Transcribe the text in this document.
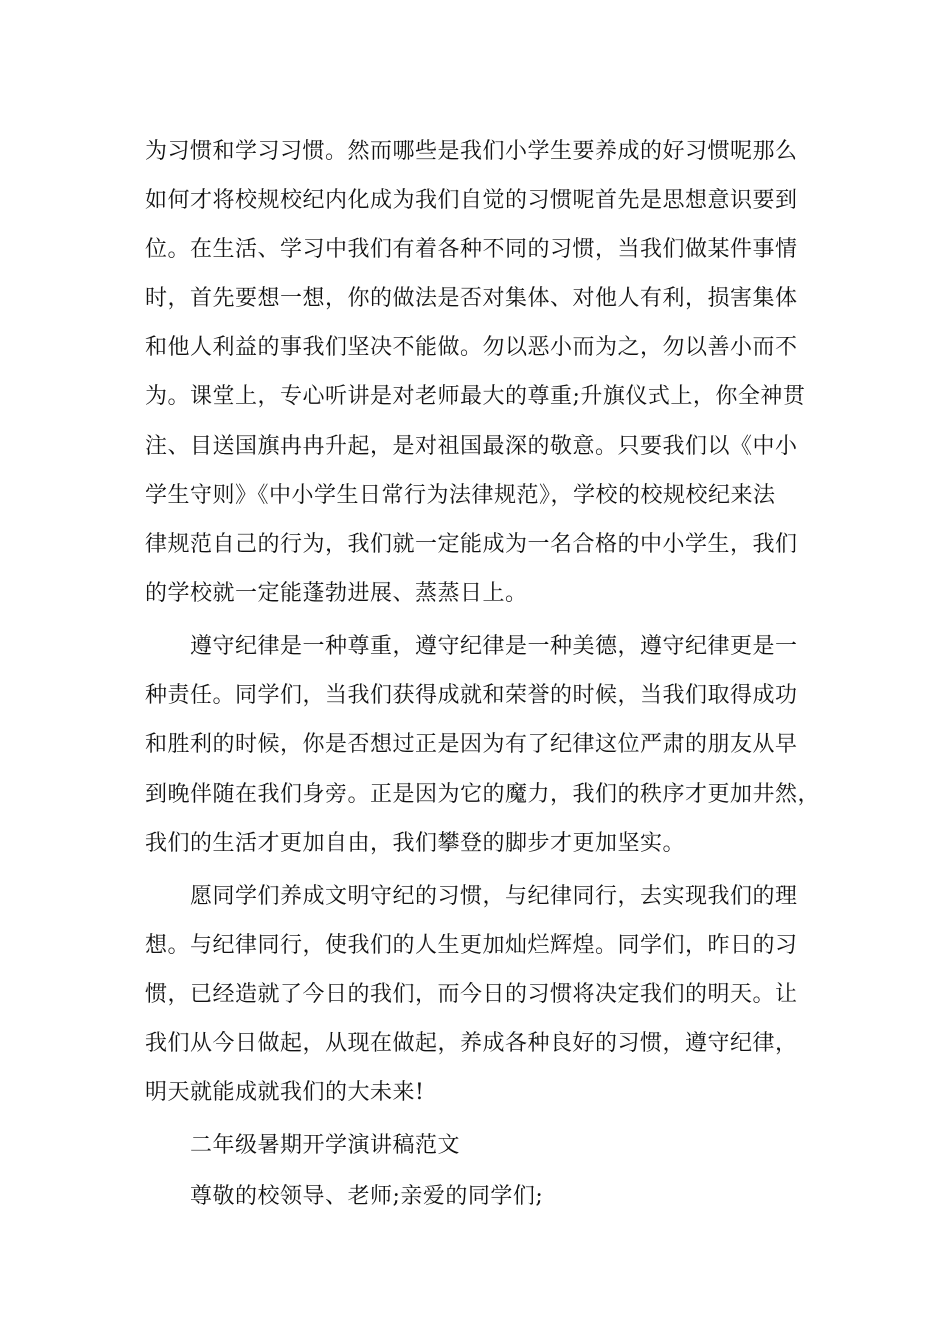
为习惯和学习习惯。然而哪些是我们小学生要养成的好习惯呢那么
如何才将校规校纪内化成为我们自觉的习惯呢首先是思想意识要到
位。在生活、学习中我们有着各种不同的习惯，当我们做某件事情
时，首先要想一想，你的做法是否对集体、对他人有利，损害集体
和他人利益的事我们坚决不能做。勿以恶小而为之，勿以善小而不
为。课堂上，专心听讲是对老师最大的尊重;升旗仪式上，你全神贯
注、目送国旗冉冉升起，是对祖国最深的敬意。只要我们以《中小
学生守则》《中小学生日常行为法律规范》，学校的校规校纪来法
律规范自己的行为，我们就一定能成为一名合格的中小学生，我们
的学校就一定能蓬勃进展、蒸蒸日上。
遵守纪律是一种尊重，遵守纪律是一种美德，遵守纪律更是一
种责任。同学们，当我们获得成就和荣誉的时候，当我们取得成功
和胜利的时候，你是否想过正是因为有了纪律这位严肃的朋友从早
到晚伴随在我们身旁。正是因为它的魔力，我们的秩序才更加井然，
我们的生活才更加自由，我们攀登的脚步才更加坚实。
愿同学们养成文明守纪的习惯，与纪律同行，去实现我们的理
想。与纪律同行，使我们的人生更加灿烂辉煌。同学们，昨日的习
惯，已经造就了今日的我们，而今日的习惯将决定我们的明天。让
我们从今日做起，从现在做起，养成各种良好的习惯，遵守纪律，
明天就能成就我们的大未来!
二年级暑期开学演讲稿范文
尊敬的校领导、老师;亲爱的同学们;
